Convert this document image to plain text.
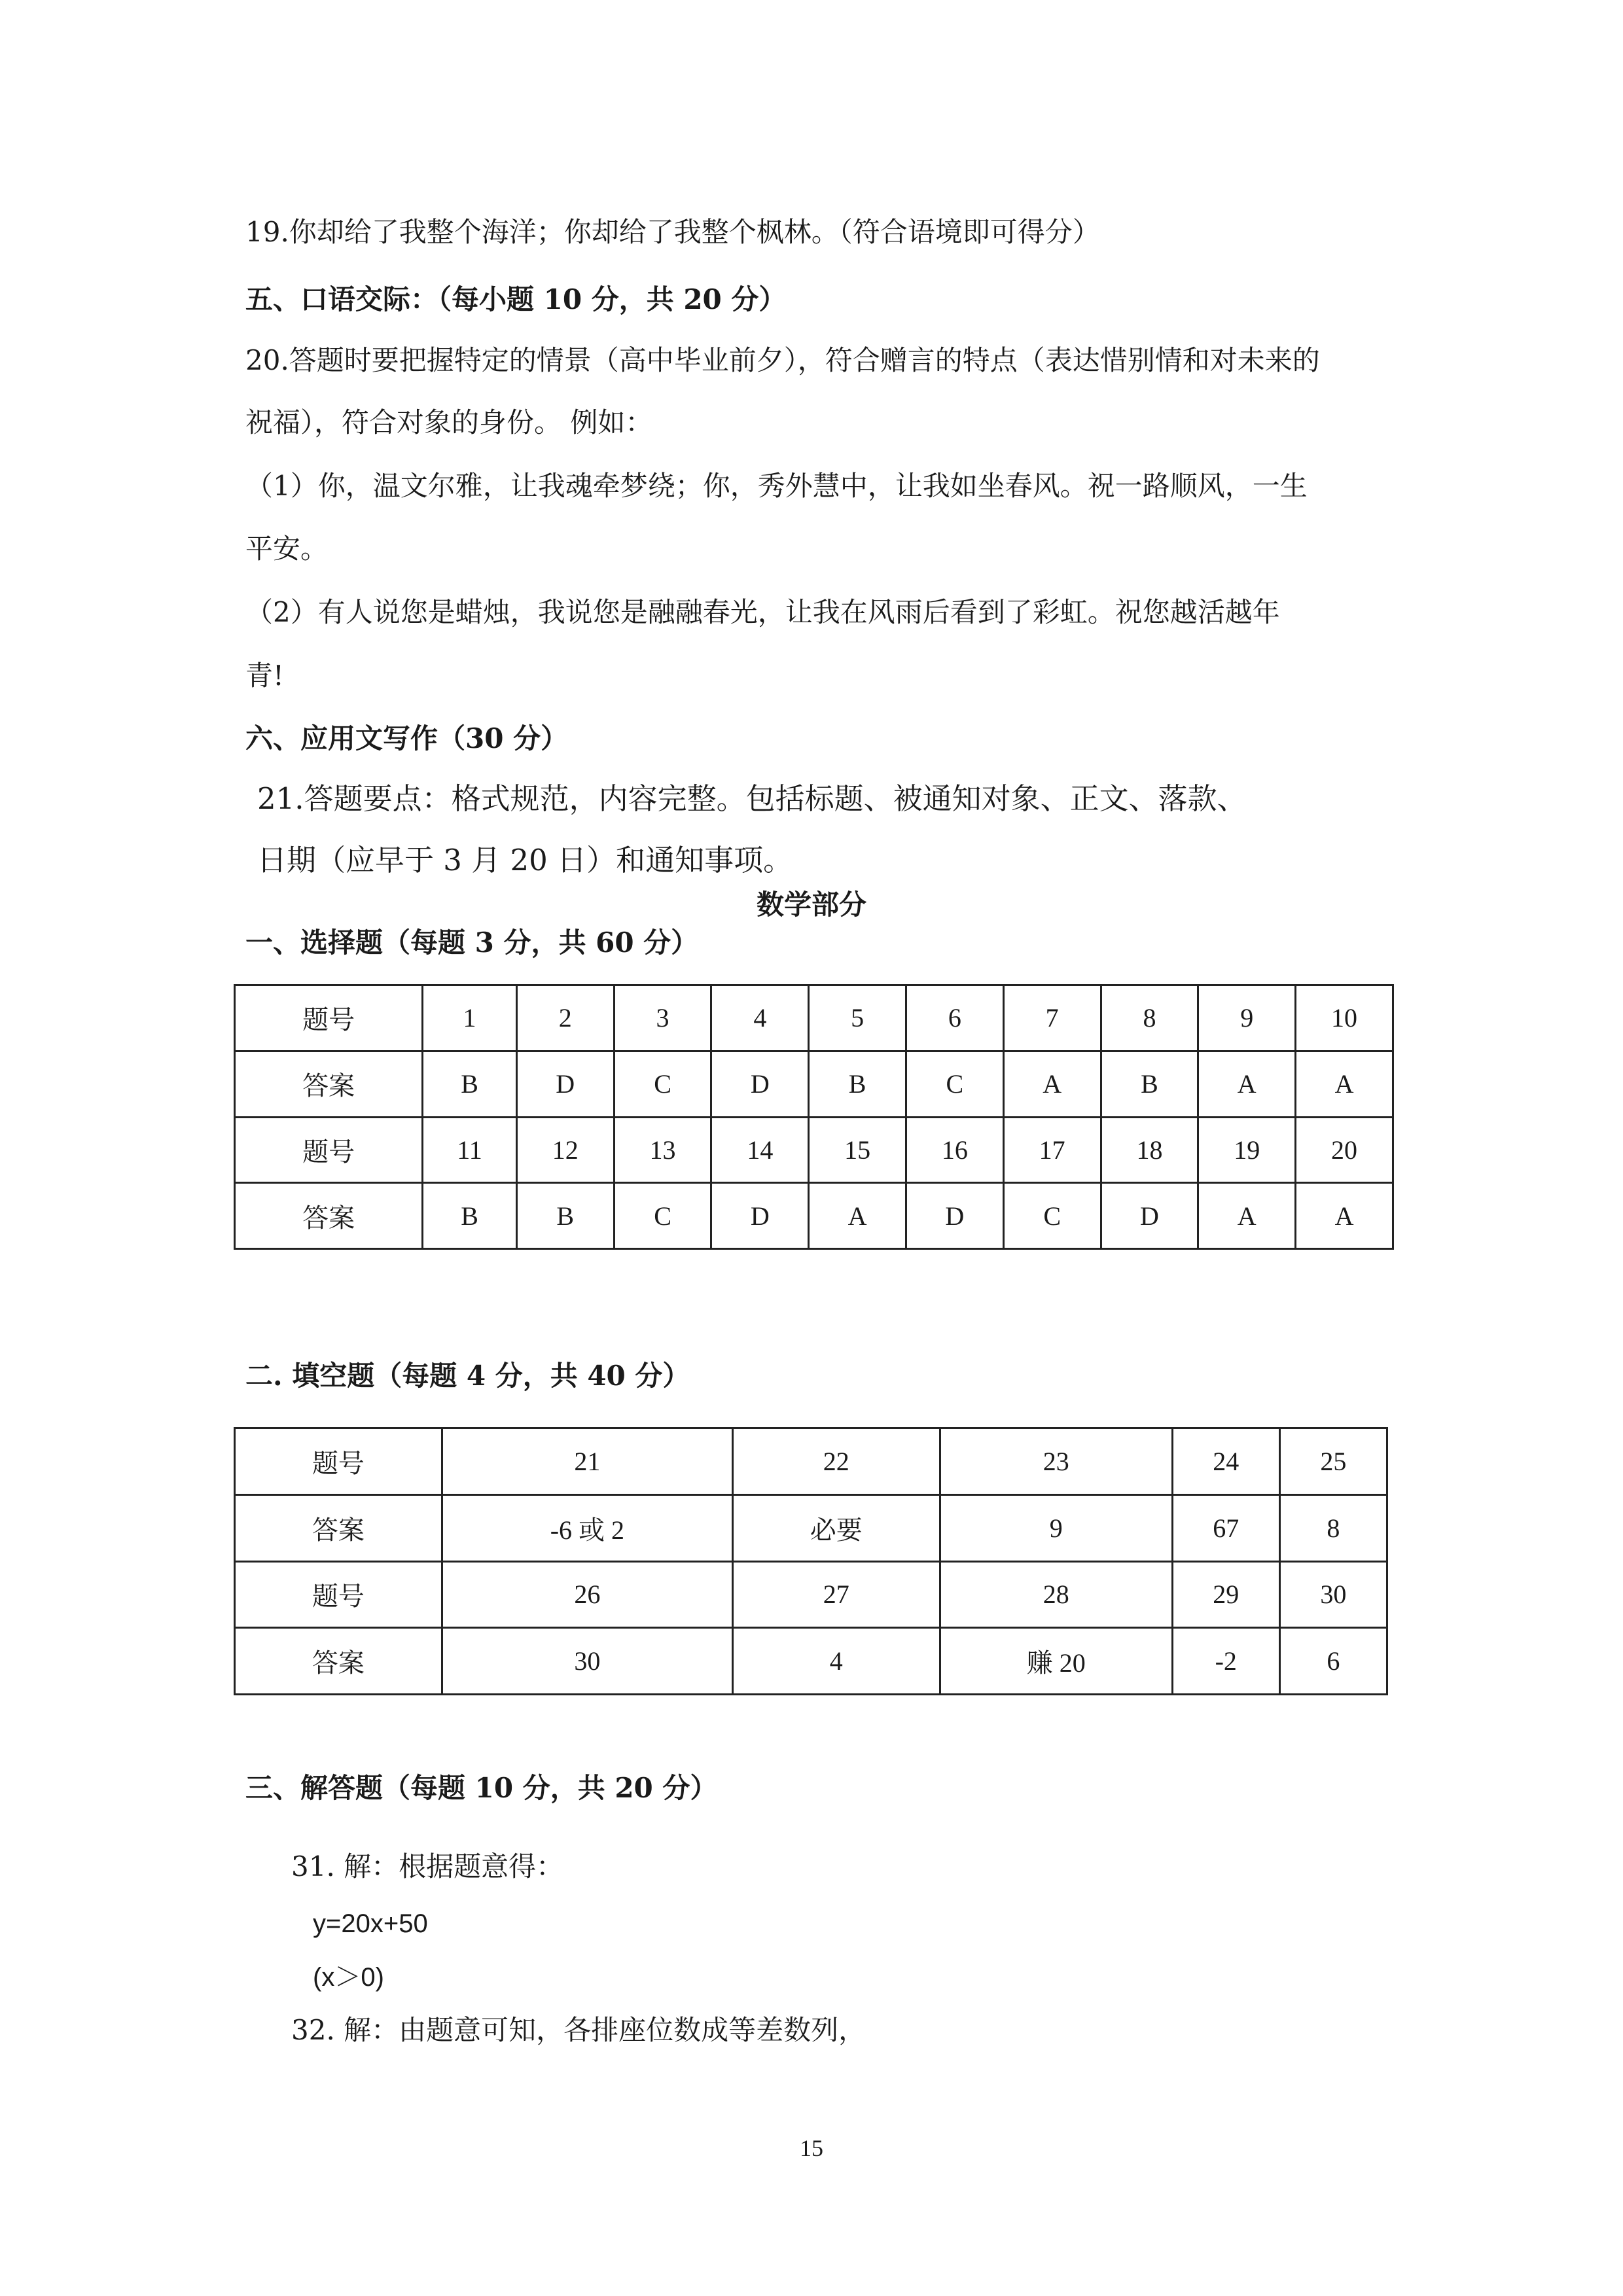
19.你却给了我整个海洋；你却给了我整个枫林。（符合语境即可得分）
五、口语交际：（每小题 10 分，共 20 分）
20.答题时要把握特定的情景（高中毕业前夕），符合赠言的特点（表达惜别情和对未来的
祝福），符合对象的身份。 例如：
（1）你，温文尔雅，让我魂牵梦绕；你，秀外慧中，让我如坐春风。祝一路顺风，一生
平安。
（2）有人说您是蜡烛，我说您是融融春光，让我在风雨后看到了彩虹。祝您越活越年
青!
六、应用文写作（30 分）
21.答题要点：格式规范，内容完整。包括标题、被通知对象、正文、落款、
日期（应早于 3 月 20 日）和通知事项。
数学部分
一、选择题（每题 3 分，共 60 分）
题号	1	2	3	4	5	6	7	8	9	10
答案	B	D	C	D	B	C	A	B	A	A
题号	11	12	13	14	15	16	17	18	19	20
答案	B	B	C	D	A	D	C	D	A	A
二. 填空题（每题 4 分，共 40 分）
题号	21	22	23	24	25
答案	-6 或 2	必要	9	67	8
题号	26	27	28	29	30
答案	30	4	赚 20	-2	6
三、解答题（每题 10 分，共 20 分）
31. 解：根据题意得：
y=20x+50
(x＞0)
32. 解：由题意可知，各排座位数成等差数列，
15
